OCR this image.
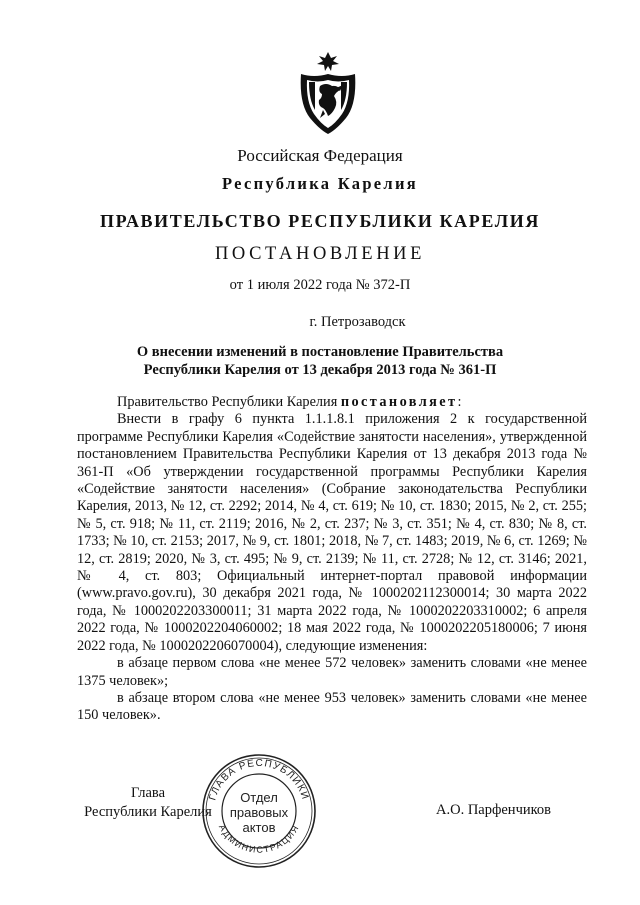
Российская Федерация
Республика Карелия
ПРАВИТЕЛЬСТВО РЕСПУБЛИКИ КАРЕЛИЯ
ПОСТАНОВЛЕНИЕ
от 1 июля 2022 года № 372-П
г. Петрозаводск
О внесении изменений в постановление Правительства
Республики Карелия от 13 декабря 2013 года № 361-П

Правительство Республики Карелия постановляет:

Внести в графу 6 пункта 1.1.1.8.1 приложения 2 к государственной программе Республики Карелия «Содействие занятости населения», утвержденной постановлением Правительства Республики Карелия от 13 декабря 2013 года № 361-П «Об утверждении государственной программы Республики Карелия «Содействие занятости населения» (Собрание законодательства Республики Карелия, 2013, № 12, ст. 2292; 2014, № 4, ст. 619; № 10, ст. 1830; 2015, № 2, ст. 255; № 5, ст. 918; № 11, ст. 2119; 2016, № 2, ст. 237; № 3, ст. 351; № 4, ст. 830; № 8, ст. 1733; № 10, ст. 2153; 2017, № 9, ст. 1801; 2018, № 7, ст. 1483; 2019, № 6, ст. 1269; № 12, ст. 2819; 2020, № 3, ст. 495; № 9, ст. 2139; № 11, ст. 2728; № 12, ст. 3146; 2021, № 4, ст. 803; Официальный интернет-портал правовой информации (www.pravo.gov.ru), 30 декабря 2021 года, № 1000202112300014; 30 марта 2022 года, № 1000202203300011; 31 марта 2022 года, № 1000202203310002; 6 апреля 2022 года, № 1000202204060002; 18 мая 2022 года, № 1000202205180006; 7 июня 2022 года, № 1000202206070004), следующие изменения:

в абзаце первом слова «не менее 572 человек» заменить словами «не менее 1375 человек»;

в абзаце втором слова «не менее 953 человек» заменить словами «не менее 150 человек».

Глава
Республики Карелия
ГЛАВА РЕСПУБЛИКИ
АДМИНИСТРАЦИЯ
Отдел
правовых
актов
А.О. Парфенчиков
